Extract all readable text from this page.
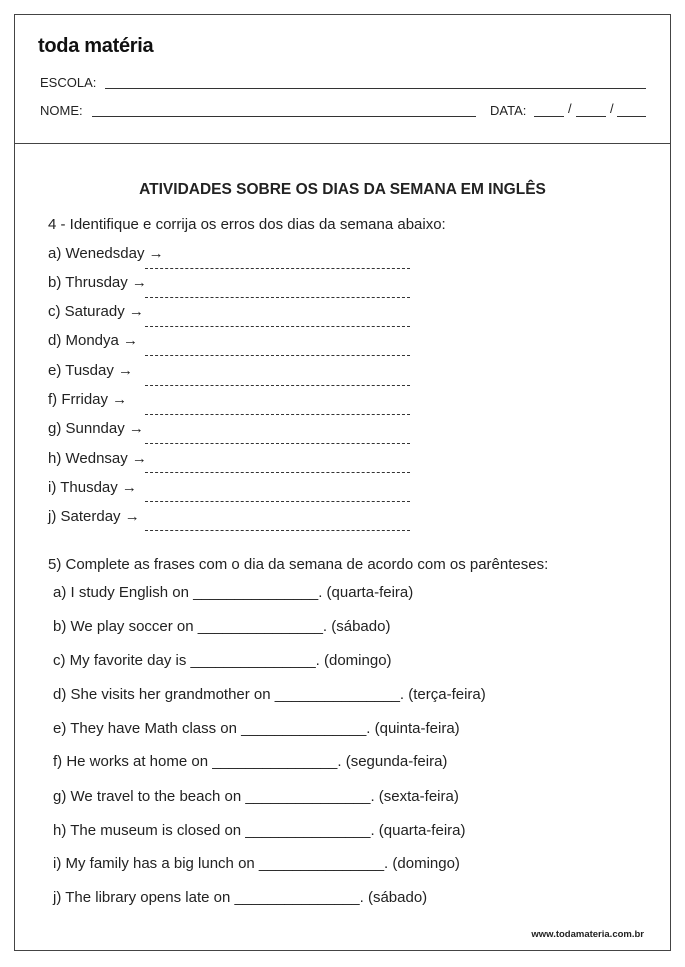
toda matéria
ESCOLA:
NOME:	DATA:	/	/
ATIVIDADES SOBRE OS DIAS DA SEMANA EM INGLÊS
4 - Identifique e corrija os erros dos dias da semana abaixo:
a) Wenedsday →
b) Thrusday →
c) Saturady →
d) Mondya →
e) Tusday →
f) Frriday →
g) Sunnday →
h) Wednsay →
i) Thusday →
j) Saterday →
5) Complete as frases com o dia da semana de acordo com os parênteses:
a) I study English on _______________. (quarta-feira)
b) We play soccer on _______________. (sábado)
c) My favorite day is _______________. (domingo)
d) She visits her grandmother on _______________. (terça-feira)
e) They have Math class on _______________. (quinta-feira)
f) He works at home on _______________. (segunda-feira)
g) We travel to the beach on _______________. (sexta-feira)
h) The museum is closed on _______________. (quarta-feira)
i) My family has a big lunch on _______________. (domingo)
j) The library opens late on _______________. (sábado)
www.todamateria.com.br
